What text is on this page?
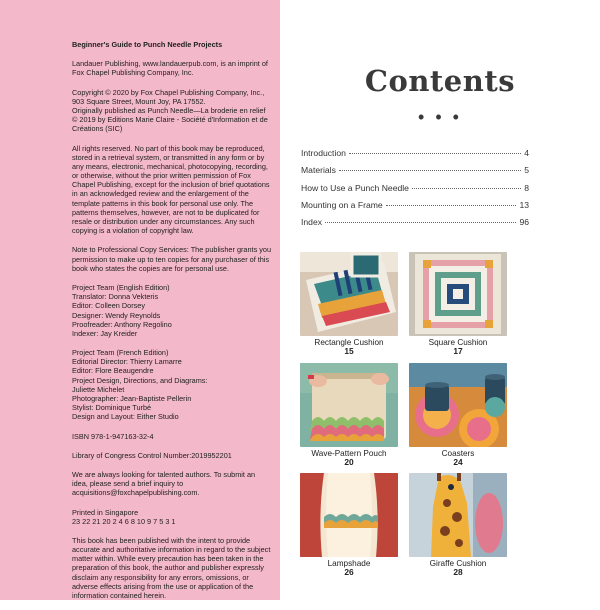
Beginner's Guide to Punch Needle Projects

Landauer Publishing, www.landauerpub.com, is an imprint of Fox Chapel Publishing Company, Inc.

Copyright © 2020 by Fox Chapel Publishing Company, Inc., 903 Square Street, Mount Joy, PA 17552.
Originally published as Punch Needle—La broderie en relief © 2019 by Editions Marie Claire - Société d'Information et de Créations (SIC)

All rights reserved. No part of this book may be reproduced, stored in a retrieval system, or transmitted in any form or by any means, electronic, mechanical, photocopying, recording, or otherwise, without the prior written permission of Fox Chapel Publishing, except for the inclusion of brief quotations in an acknowledged review and the enlargement of the template patterns in this book for personal use only. The patterns themselves, however, are not to be duplicated for resale or distribution under any circumstances. Any such copying is a violation of copyright law.

Note to Professional Copy Services: The publisher grants you permission to make up to ten copies for any purchaser of this book who states the copies are for personal use.

Project Team (English Edition)
Translator: Donna Vekteris
Editor: Colleen Dorsey
Designer: Wendy Reynolds
Proofreader: Anthony Regolino
Indexer: Jay Kreider

Project Team (French Edition)
Editorial Director: Thierry Lamarre
Editor: Flore Beaugendre
Project Design, Directions, and Diagrams:
Juliette Michelet
Photographer: Jean-Baptiste Pellerin
Stylist: Dominique Turbé
Design and Layout: Either Studio

ISBN 978-1-947163-32-4

Library of Congress Control Number:2019952201

We are always looking for talented authors. To submit an idea, please send a brief inquiry to acquisitions@foxchapelpublishing.com.

Printed in Singapore
23 22 21 20 2 4 6 8 10 9 7 5 3 1

This book has been published with the intent to provide accurate and authoritative information in regard to the subject matter within. While every precaution has been taken in the preparation of this book, the author and publisher expressly disclaim any responsibility for any errors, omissions, or adverse effects arising from the use or application of the information contained herein.

Contents
• • •
Introduction	4
Materials	5
How to Use a Punch Needle	8
Mounting on a Frame	13
Index	96
Rectangle Cushion
15
Square Cushion
17
Wave-Pattern Pouch
20
Coasters
24
Lampshade
26
Giraffe Cushion
28
